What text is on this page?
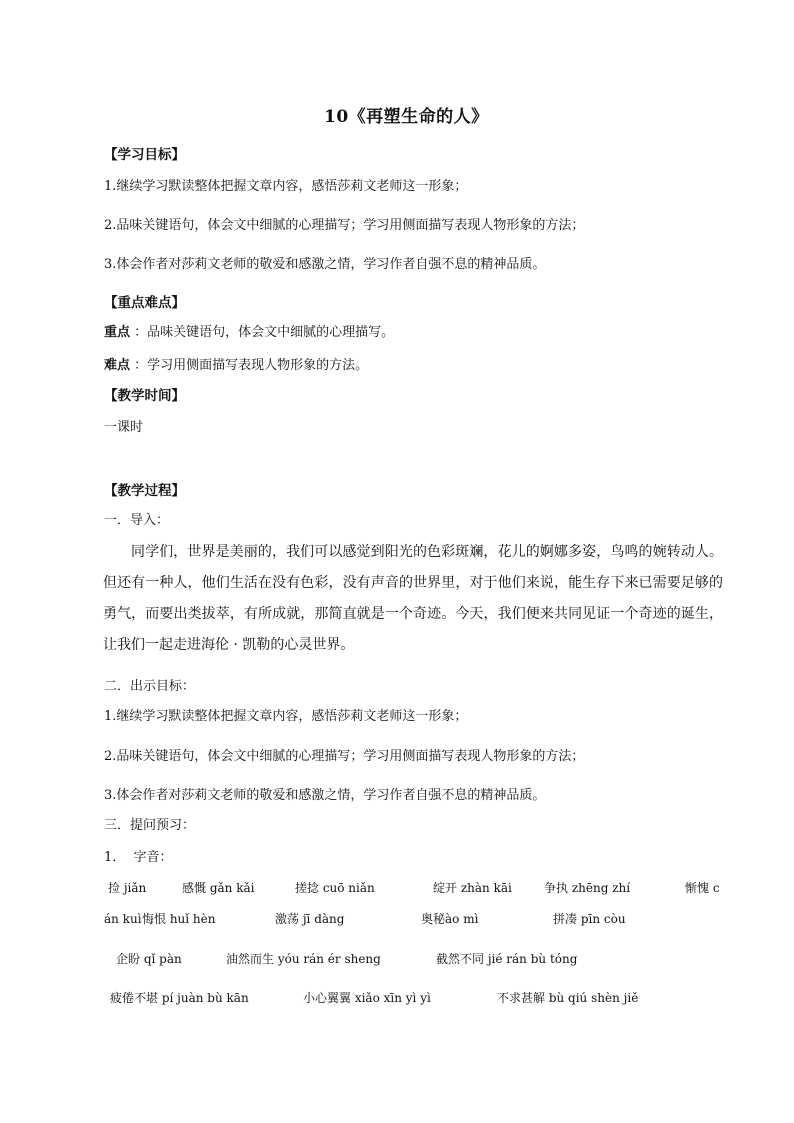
10《再塑生命的人》
【学习目标】
1.继续学习默读整体把握文章内容，感悟莎莉文老师这一形象；
2.品味关键语句，体会文中细腻的心理描写；学习用侧面描写表现人物形象的方法；
3.体会作者对莎莉文老师的敬爱和感激之情，学习作者自强不息的精神品质。
【重点难点】
重点 ：品味关键语句，体会文中细腻的心理描写。
难点 ：学习用侧面描写表现人物形象的方法。
【教学时间】
一课时
【教学过程】
一．导入：
同学们，世界是美丽的，我们可以感觉到阳光的色彩斑斓，花儿的婀娜多姿，鸟鸣的婉转动人。但还有一种人，他们生活在没有色彩，没有声音的世界里，对于他们来说，能生存下来已需要足够的勇气，而要出类拔萃，有所成就，那简直就是一个奇迹。今天，我们便来共同见证一个奇迹的诞生，让我们一起走进海伦 · 凯勒的心灵世界。
二．出示目标：
1.继续学习默读整体把握文章内容，感悟莎莉文老师这一形象；
2.品味关键语句，体会文中细腻的心理描写；学习用侧面描写表现人物形象的方法；
3.体会作者对莎莉文老师的敬爱和感激之情，学习作者自强不息的精神品质。
三．提问预习：
1．  字音：
捡 jiǎn	感慨 gǎn kǎi	搓捻 cuō niǎn	绽开 zhàn kāi	争执 zhēng zhí	惭愧 c
án kuì 悔恨 huǐ hèn	激荡 jī dàng	奥秘ào mì	拼凑 pīn còu
企盼 qǐ pàn	油然而生 yóu rán ér sheng	截然不同 jié rán bù tóng
疲倦不堪 pí juàn bù kān	小心翼翼 xiǎo xīn yì yì	不求甚解 bù qiú shèn jiě
